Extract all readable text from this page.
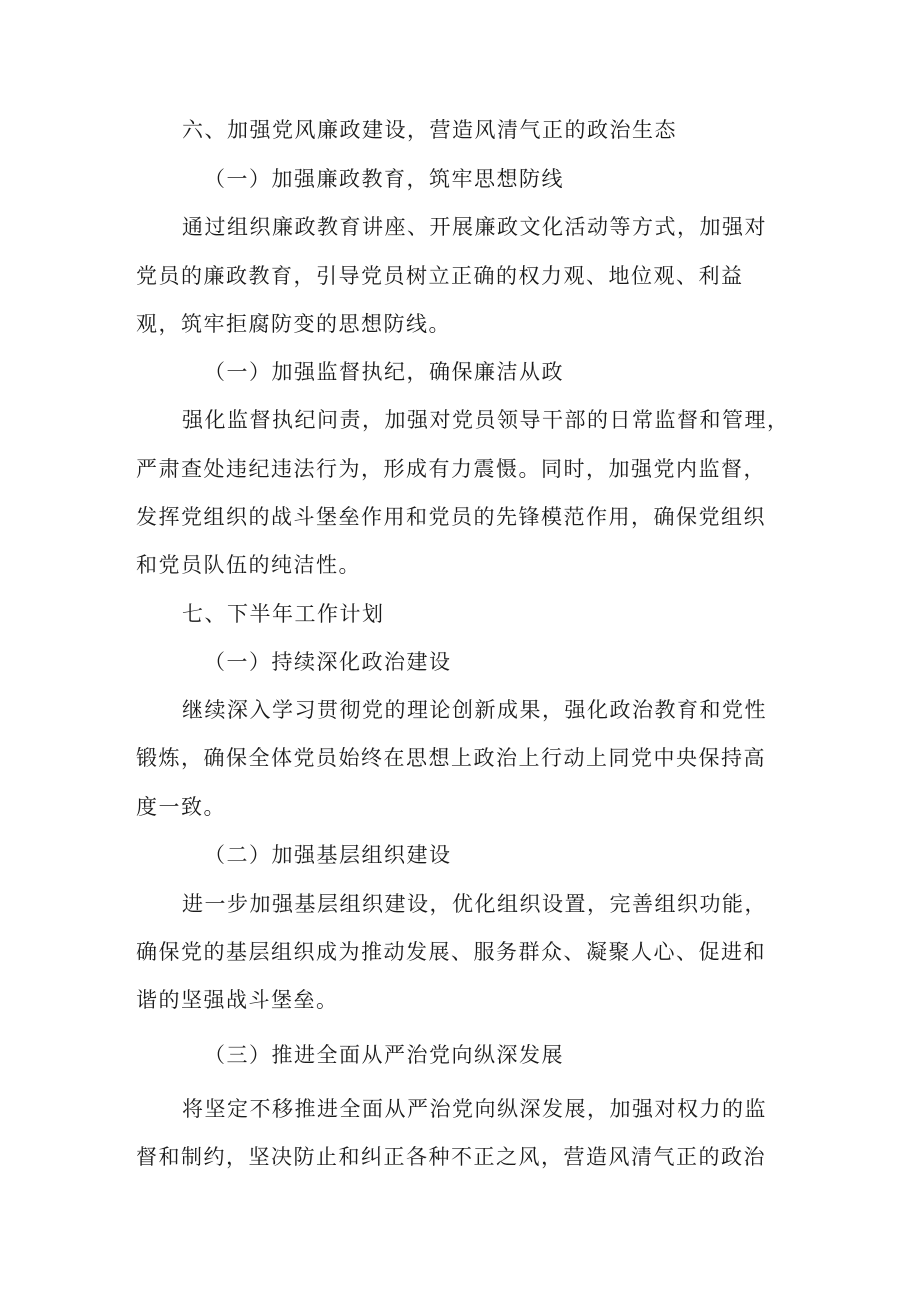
六、加强党风廉政建设，营造风清气正的政治生态
（一）加强廉政教育，筑牢思想防线
通过组织廉政教育讲座、开展廉政文化活动等方式，加强对
党员的廉政教育，引导党员树立正确的权力观、地位观、利益
观，筑牢拒腐防变的思想防线。
（一）加强监督执纪，确保廉洁从政
强化监督执纪问责，加强对党员领导干部的日常监督和管理，
严肃查处违纪违法行为，形成有力震慑。同时，加强党内监督，
发挥党组织的战斗堡垒作用和党员的先锋模范作用，确保党组织
和党员队伍的纯洁性。
七、下半年工作计划
（一）持续深化政治建设
继续深入学习贯彻党的理论创新成果，强化政治教育和党性
锻炼，确保全体党员始终在思想上政治上行动上同党中央保持高
度一致。
（二）加强基层组织建设
进一步加强基层组织建设，优化组织设置，完善组织功能，
确保党的基层组织成为推动发展、服务群众、凝聚人心、促进和
谐的坚强战斗堡垒。
（三）推进全面从严治党向纵深发展
将坚定不移推进全面从严治党向纵深发展，加强对权力的监
督和制约，坚决防止和纠正各种不正之风，营造风清气正的政治
